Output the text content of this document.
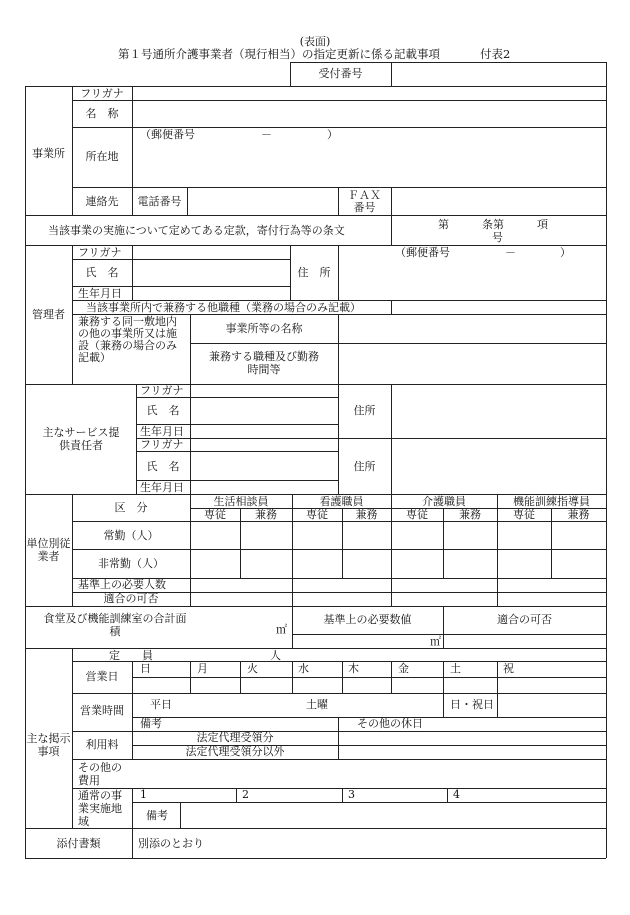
(表面)
第１号通所介護事業者（現行相当）の指定更新に係る記載事項	付表2
受付番号
事業所
フリガナ
名　称
（郵便番号　　　　　　－　　　　　）
所在地
連絡先	電話番号	ＦＡＸ
番号
当該事業の実施について定めてある定款，寄付行為等の条文	第　　　条第　　　項
号
管理者
フリガナ
氏　名
生年月日
住　所
（郵便番号　　　　　－　　　　）
当該事業所内で兼務する他職種（業務の場合のみ記載）
兼務する同一敷地内の他の事業所又は施設（兼務の場合のみ記載）
事業所等の名称
兼務する職種及び勤務時間等
主なサービス提供責任者
フリガナ
氏　名
生年月日
住所
フリガナ
氏　名
生年月日
住所
単位別従業者
区　分	生活相談員	看護職員	介護職員	機能訓練指導員
専従	兼務	専従	兼務	専従	兼務	専従	兼務
常勤（人）
非常勤（人）
基準上の必要人数
適合の可否
食堂及び機能訓練室の合計面積	㎡
基準上の必要数値	適合の可否
㎡
定　　員	人
営業日
日	月	火	水	木	金	土	祝
営業時間	平日	土曜	日・祝日
備考	その他の休日
利用料
法定代理受領分
法定代理受領分以外
その他の費用
通常の事業実施地域
1	2	3	4
備考
主な掲示事項
添付書類	別添のとおり
